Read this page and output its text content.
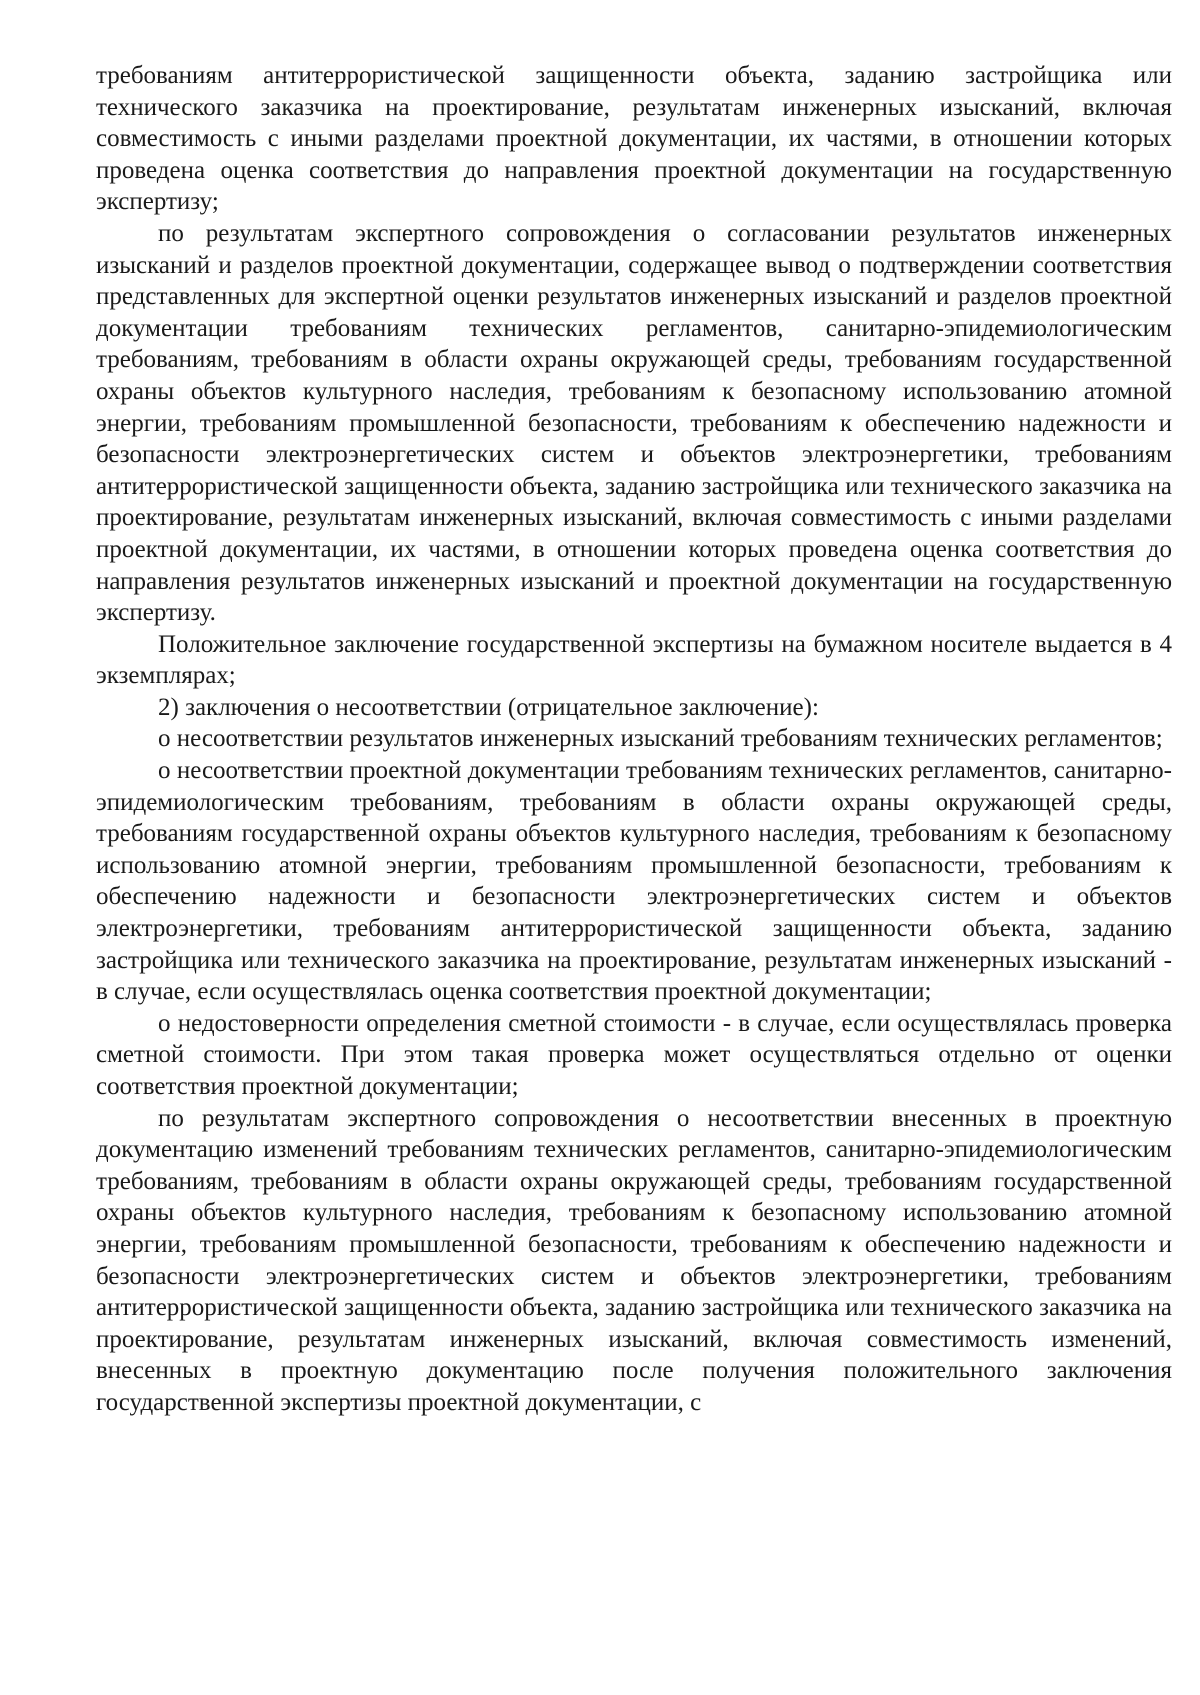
требованиям антитеррористической защищенности объекта, заданию застройщика или технического заказчика на проектирование, результатам инженерных изысканий, включая совместимость с иными разделами проектной документации, их частями, в отношении которых проведена оценка соответствия до направления проектной документации на государственную экспертизу;

по результатам экспертного сопровождения о согласовании результатов инженерных изысканий и разделов проектной документации, содержащее вывод о подтверждении соответствия представленных для экспертной оценки результатов инженерных изысканий и разделов проектной документации требованиям технических регламентов, санитарно-эпидемиологическим требованиям, требованиям в области охраны окружающей среды, требованиям государственной охраны объектов культурного наследия, требованиям к безопасному использованию атомной энергии, требованиям промышленной безопасности, требованиям к обеспечению надежности и безопасности электроэнергетических систем и объектов электроэнергетики, требованиям антитеррористической защищенности объекта, заданию застройщика или технического заказчика на проектирование, результатам инженерных изысканий, включая совместимость с иными разделами проектной документации, их частями, в отношении которых проведена оценка соответствия до направления результатов инженерных изысканий и проектной документации на государственную экспертизу.

Положительное заключение государственной экспертизы на бумажном носителе выдается в 4 экземплярах;

2) заключения о несоответствии (отрицательное заключение):

о несоответствии результатов инженерных изысканий требованиям технических регламентов;

о несоответствии проектной документации требованиям технических регламентов, санитарно-эпидемиологическим требованиям, требованиям в области охраны окружающей среды, требованиям государственной охраны объектов культурного наследия, требованиям к безопасному использованию атомной энергии, требованиям промышленной безопасности, требованиям к обеспечению надежности и безопасности электроэнергетических систем и объектов электроэнергетики, требованиям антитеррористической защищенности объекта, заданию застройщика или технического заказчика на проектирование, результатам инженерных изысканий - в случае, если осуществлялась оценка соответствия проектной документации;

о недостоверности определения сметной стоимости - в случае, если осуществлялась проверка сметной стоимости. При этом такая проверка может осуществляться отдельно от оценки соответствия проектной документации;

по результатам экспертного сопровождения о несоответствии внесенных в проектную документацию изменений требованиям технических регламентов, санитарно-эпидемиологическим требованиям, требованиям в области охраны окружающей среды, требованиям государственной охраны объектов культурного наследия, требованиям к безопасному использованию атомной энергии, требованиям промышленной безопасности, требованиям к обеспечению надежности и безопасности электроэнергетических систем и объектов электроэнергетики, требованиям антитеррористической защищенности объекта, заданию застройщика или технического заказчика на проектирование, результатам инженерных изысканий, включая совместимость изменений, внесенных в проектную документацию после получения положительного заключения государственной экспертизы проектной документации, с
